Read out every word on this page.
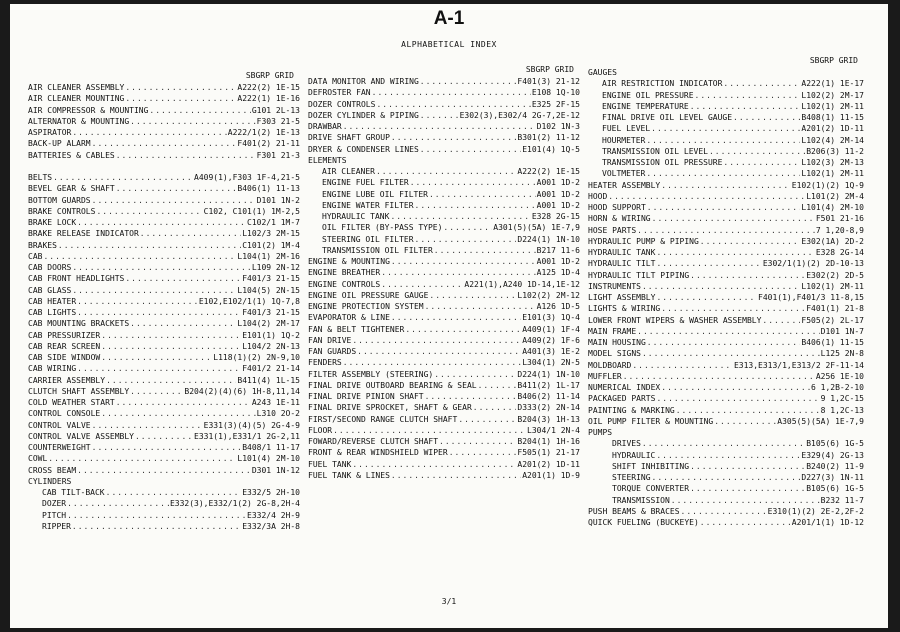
A-1
ALPHABETICAL INDEX
SBGRP GRID
AIR CLEANER ASSEMBLY .....	A222(2) 1E-15
AIR CLEANER MOUNTING .....	A222(1) 1E-16
AIR COMPRESSOR & MOUNTING .....	G101 2L-13
ALTERNATOR & MOUNTING .....	F303 21-5
ASPIRATOR .....	A222/1(2) 1E-13
BACK-UP ALARM .....	F401(2) 21-11
BATTERIES & CABLES .....	F301 21-3
BELTS .....	A409(1),F303 1F-4,21-5
BEVEL GEAR & SHAFT .....	B406(1) 11-13
BOTTOM GUARDS .....	D101 1N-2
BRAKE CONTROLS .....	C102, C101(1) 1M-2,5
BRAKE LOCK .....	C102/1 1M-7
BRAKE RELEASE INDICATOR .....	L102/3 2M-15
BRAKES .....	C101(2) 1M-4
CAB .....	L104(1) 2M-16
CAB DOORS .....	L109 2N-12
CAB FRONT HEADLIGHTS .....	F401/3 21-15
CAB GLASS .....	L104(5) 2N-15
CAB HEATER .....	E102,E102/1(1) 1Q-7,8
CAB LIGHTS .....	F401/3 21-15
CAB MOUNTING BRACKETS .....	L104(2) 2M-17
CAB PRESSURIZER .....	E101(1) 1Q-2
CAB REAR SCREEN .....	L104/2 2N-13
CAB SIDE WINDOW .....	L118(1)(2) 2N-9,10
CAB WIRING .....	F401/2 21-14
CARRIER ASSEMBLY .....	B411(4) 1L-15
CLUTCH SHAFT ASSEMBLY .....	B204(2)(4)(6) 1H-8,11,14
COLD WEATHER START .....	A243 1E-11
CONTROL CONSOLE .....	L310 2O-2
CONTROL VALVE .....	E331(3)(4)(5) 2G-4-9
CONTROL VALVE ASSEMBLY .....	E331(1),E331/1 2G-2,11
COUNTERWEIGHT .....	B408/1 11-17
COWL .....	L101(4) 2M-10
CROSS BEAM .....	D301 1N-12
CYLINDERS
CAB TILT-BACK .....	E332/5 2H-10
DOZER .....	E332(3),E332/1(2) 2G-8,2H-4
PITCH .....	E332/4 2H-9
RIPPER .....	E332/3A 2H-8
SBGRP GRID
DATA MONITOR AND WIRING .....	F401(3) 21-12
DEFROSTER FAN .....	E108 1Q-10
DOZER CONTROLS .....	E325 2F-15
DOZER CYLINDER & PIPING .....	E302(3),E302/4 2G-7,2E-12
DRAWBAR .....	D102 1N-3
DRIVE SHAFT GROUP .....	B301(2) 11-12
DRYER & CONDENSER LINES .....	E101(4) 1Q-5
ELEMENTS
AIR CLEANER .....	A222(2) 1E-15
ENGINE FUEL FILTER .....	A001 1D-2
ENGINE LUBE OIL FILTER .....	A001 1D-2
ENGINE WATER FILTER .....	A001 1D-2
HYDRAULIC TANK .....	E328 2G-15
OIL FILTER (BY-PASS TYPE) .....	A301(5)(5A) 1E-7,9
STEERING OIL FILTER .....	D224(1) 1N-10
TRANSMISSION OIL FILTER .....	B217 11-6
ENGINE & MOUNTING .....	A001 1D-2
ENGINE BREATHER .....	A125 1D-4
ENGINE CONTROLS .....	A221(1),A240 1D-14,1E-12
ENGINE OIL PRESSURE GAUGE .....	L102(2) 2M-12
ENGINE PROTECTION SYSTEM .....	A126 1D-5
EVAPORATOR & LINE .....	E101(3) 1Q-4
FAN & BELT TIGHTENER .....	A409(1) 1F-4
FAN DRIVE .....	A409(2) 1F-6
FAN GUARDS .....	A401(3) 1E-2
FENDERS .....	L304(1) 2N-5
FILTER ASSEMBLY (STEERING) .....	D224(1) 1N-10
FINAL DRIVE OUTBOARD BEARING & SEAL .....	B411(2) 1L-17
FINAL DRIVE PINION SHAFT .....	B406(2) 11-14
FINAL DRIVE SPROCKET, SHAFT & GEAR .....	D333(2) 2N-14
FIRST/SECOND RANGE CLUTCH SHAFT .....	B204(3) 1H-13
FLOOR .....	L304/1 2N-4
FOWARD/REVERSE CLUTCH SHAFT .....	B204(1) 1H-16
FRONT & REAR WINDSHIELD WIPER .....	F505(1) 21-17
FUEL TANK .....	A201(2) 1D-11
FUEL TANK & LINES .....	A201(1) 1D-9
SBGRP GRID
GAUGES
AIR RESTRICTION INDICATOR .....	A222(1) 1E-17
ENGINE OIL PRESSURE .....	L102(2) 2M-17
ENGINE TEMPERATURE .....	L102(1) 2M-11
FINAL DRIVE OIL LEVEL GAUGE .....	B408(1) 11-15
FUEL LEVEL .....	A201(2) 1D-11
HOURMETER .....	L102(4) 2M-14
TRANSMISSION OIL LEVEL .....	B206(3) 11-2
TRANSMISSION OIL PRESSURE .....	L102(3) 2M-13
VOLTMETER .....	L102(1) 2M-11
HEATER ASSEMBLY .....	E102(1)(2) 1Q-9
HOOD .....	L101(2) 2M-4
HOOD SUPPORT .....	L101(4) 2M-10
HORN & WIRING .....	F501 21-16
HOSE PARTS .....	7 1,20-8,9
HYDRAULIC PUMP & PIPING .....	E302(1A) 2D-2
HYDRAULIC TANK .....	E328 2G-14
HYDRAULIC TILT .....	E302/1(1)(2) 2D-10-13
HYDRAULIC TILT PIPING .....	E302(2) 2D-5
INSTRUMENTS .....	L102(1) 2M-11
LIGHT ASSEMBLY .....	F401(1),F401/3 11-8,15
LIGHTS & WIRING .....	F401(1) 21-8
LOWER FRONT WIPERS & WASHER ASSEMBLY .....	F505(2) 2L-17
MAIN FRAME .....	D101 1N-7
MAIN HOUSING .....	B406(1) 11-15
MODEL SIGNS .....	L125 2N-8
MOLDBOARD .....	E313,E313/1,E313/2 2F-11-14
MUFFLER .....	A256 1E-10
NUMERICAL INDEX .....	6 1,2B-2-10
PACKAGED PARTS .....	9 1,2C-15
PAINTING & MARKING .....	8 1,2C-13
OIL PUMP FILTER & MOUNTING .....	A305(5)(5A) 1E-7,9
PUMPS
DRIVES .....	B105(6) 1G-5
HYDRAULIC .....	E329(4) 2G-13
SHIFT INHIBITING .....	B240(2) 11-9
STEERING .....	D227(3) 1N-11
TORQUE CONVERTER .....	B105(6) 1G-5
TRANSMISSION .....	B232 11-7
PUSH BEAMS & BRACES .....	E310(1)(2) 2E-2,2F-2
QUICK FUELING (BUCKEYE) .....	A201/1(1) 1D-12
3/1
